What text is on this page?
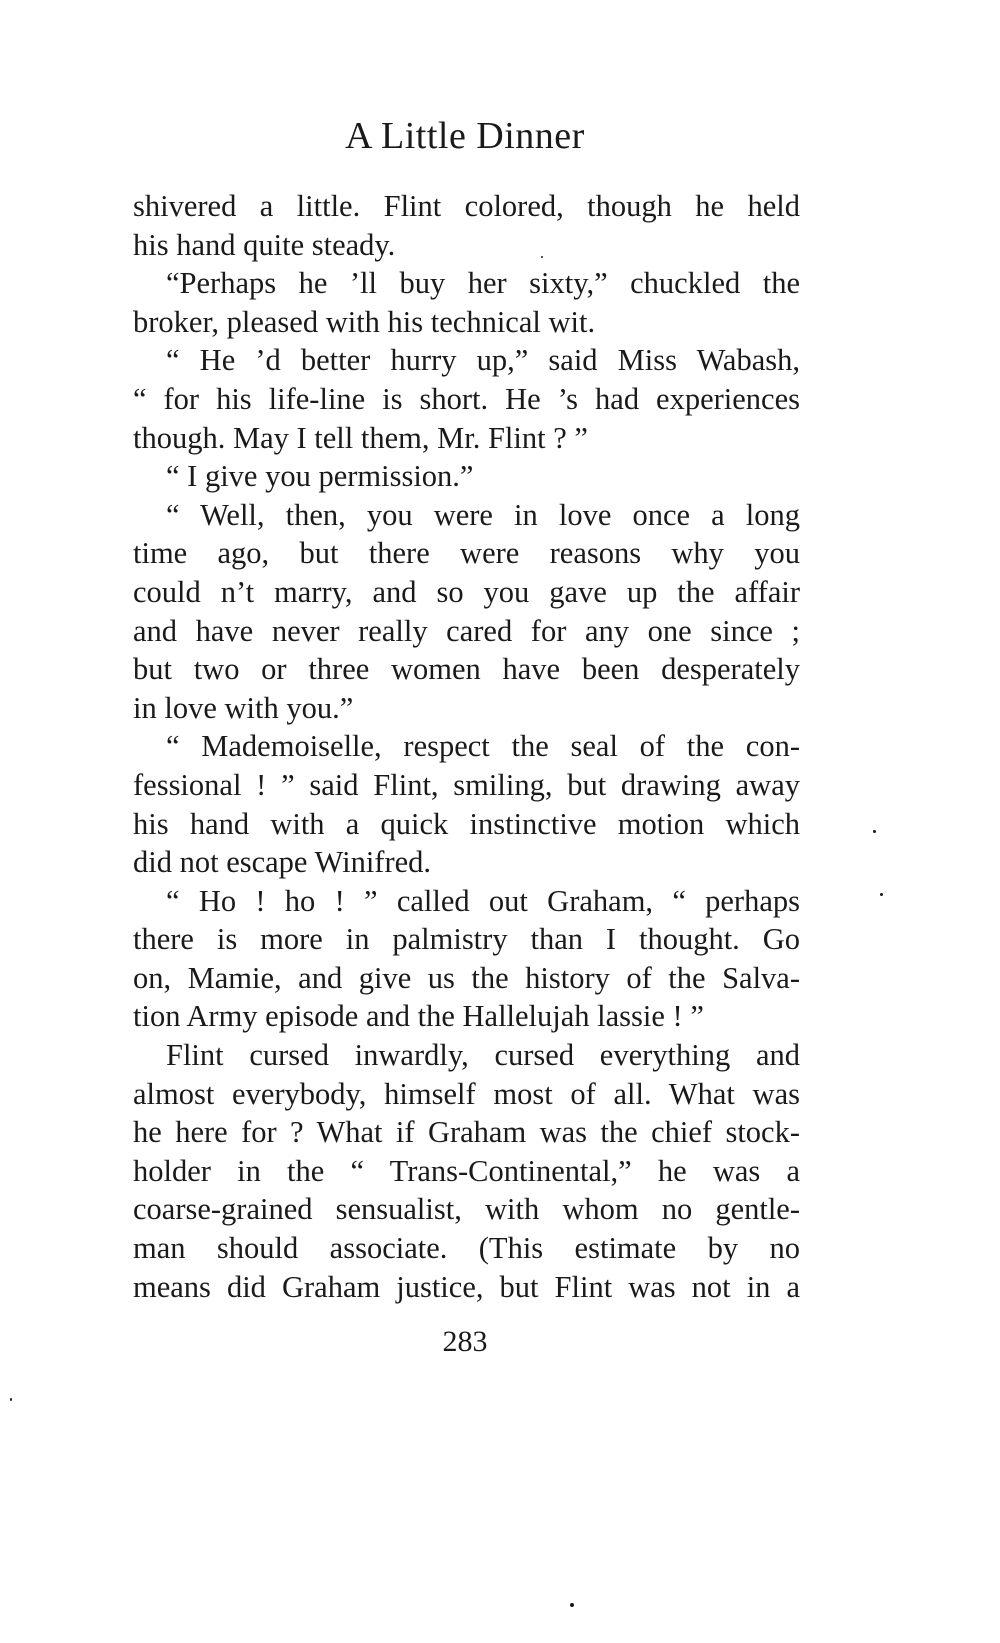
A Little Dinner
shivered a little. Flint colored, though he held
his hand quite steady.
“Perhaps he ’ll buy her sixty,” chuckled the
broker, pleased with his technical wit.
“ He ’d better hurry up,” said Miss Wabash,
“ for his life-line is short. He ’s had experiences
though. May I tell them, Mr. Flint ? ”
“ I give you permission.”
“ Well, then, you were in love once a long
time ago, but there were reasons why you
could n’t marry, and so you gave up the affair
and have never really cared for any one since ;
but two or three women have been desperately
in love with you.”
“ Mademoiselle, respect the seal of the con-
fessional ! ” said Flint, smiling, but drawing away
his hand with a quick instinctive motion which
did not escape Winifred.
“ Ho ! ho ! ” called out Graham, “ perhaps
there is more in palmistry than I thought. Go
on, Mamie, and give us the history of the Salva-
tion Army episode and the Hallelujah lassie ! ”
Flint cursed inwardly, cursed everything and
almost everybody, himself most of all. What was
he here for ? What if Graham was the chief stock-
holder in the “ Trans-Continental,” he was a
coarse-grained sensualist, with whom no gentle-
man should associate. (This estimate by no
means did Graham justice, but Flint was not in a
283
